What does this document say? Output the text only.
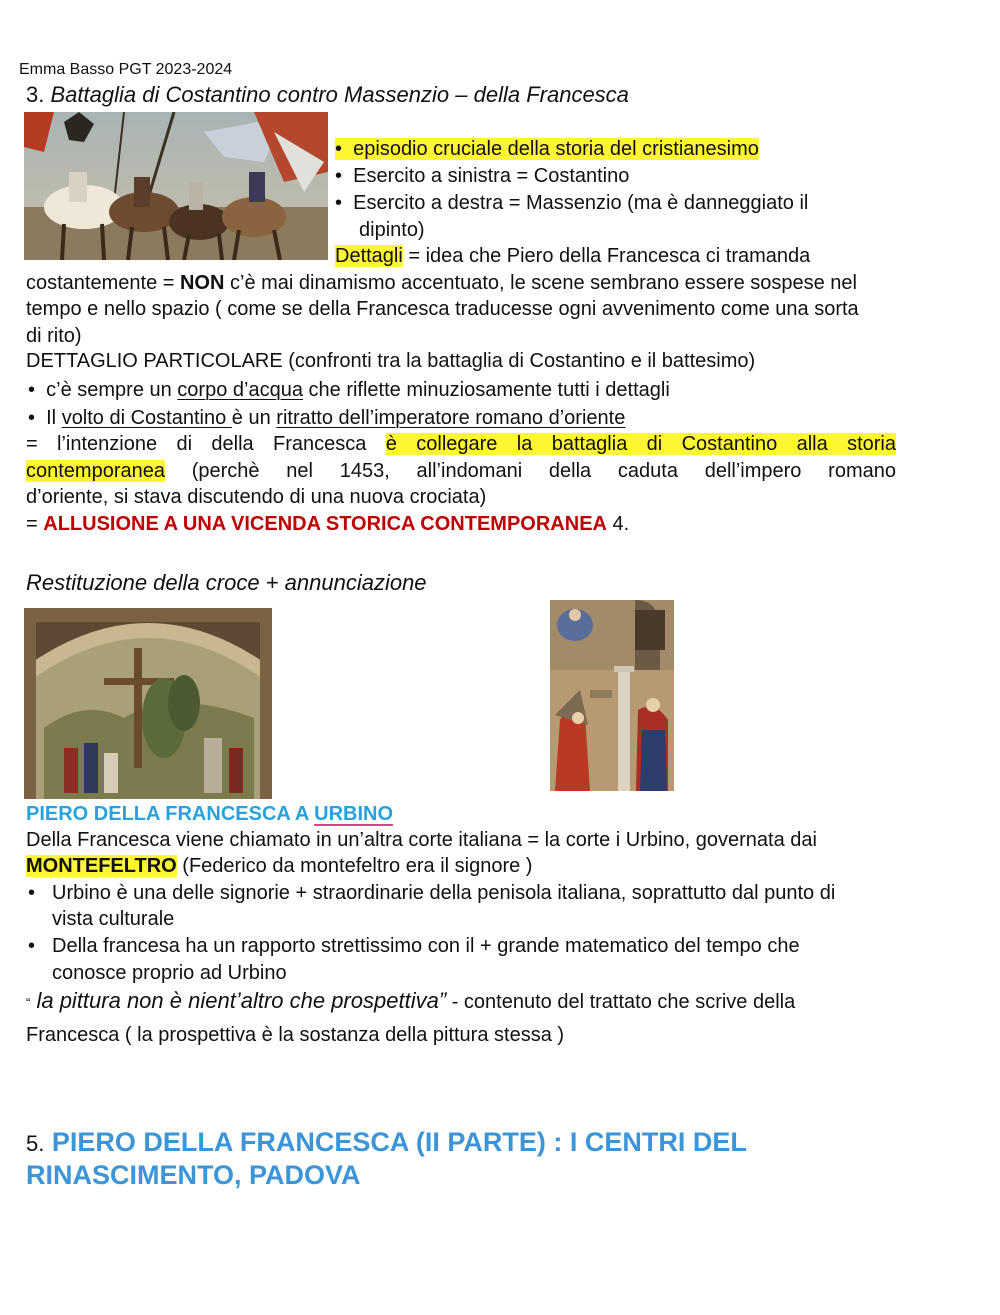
Emma Basso PGT 2023-2024
3. Battaglia di Costantino contro Massenzio – della Francesca
•  episodio cruciale della storia del cristianesimo
•  Esercito a sinistra = Costantino
•  Esercito a destra = Massenzio (ma è danneggiato il
dipinto)
Dettagli = idea che Piero della Francesca ci tramanda
costantemente = NON c’è mai dinamismo accentuato, le scene sembrano essere sospese nel
tempo e nello spazio ( come se della Francesca traducesse ogni avvenimento come una sorta
di rito)
DETTAGLIO PARTICOLARE (confronti tra la battaglia di Costantino e il battesimo)
•  c’è sempre un corpo d’acqua che riflette minuziosamente tutti i dettagli
•  Il volto di Costantino è un ritratto dell’imperatore romano d’oriente
= l’intenzione di della Francesca è collegare la battaglia di Costantino alla storia
contemporanea (perchè nel 1453, all’indomani della caduta dell’impero romano
d’oriente, si stava discutendo di una nuova crociata)
= ALLUSIONE A UNA VICENDA STORICA CONTEMPORANEA 4.
Restituzione della croce + annunciazione
PIERO DELLA FRANCESCA A URBINO
Della Francesca viene chiamato in un’altra corte italiana = la corte i Urbino, governata dai
MONTEFELTRO (Federico da montefeltro era il signore )
• Urbino è una delle signorie + straordinarie della penisola italiana, soprattutto dal punto di
vista culturale
• Della francesa ha un rapporto strettissimo con il + grande matematico del tempo che
conosce proprio ad Urbino
“ la pittura non è nient’altro che prospettiva” - contenuto del trattato che scrive della
Francesca ( la prospettiva è la sostanza della pittura stessa )
5. PIERO DELLA FRANCESCA (II PARTE) : I CENTRI DEL
RINASCIMENTO, PADOVA
